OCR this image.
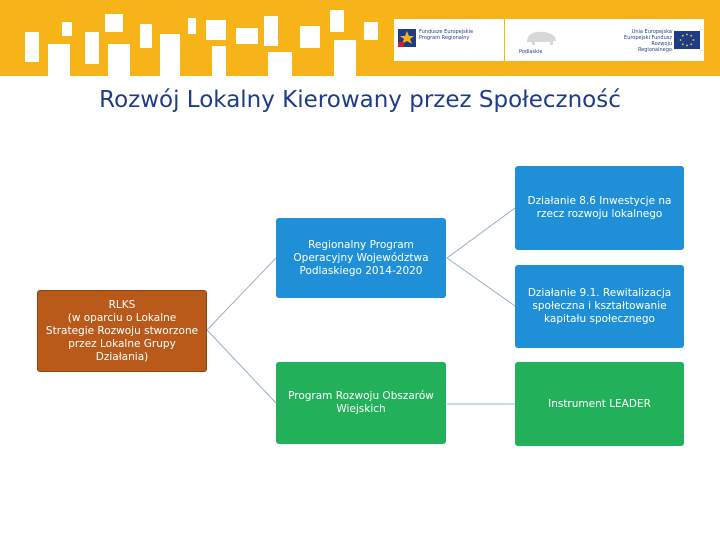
Fundusze Europejskie
Program Regionalny
Podlaskie
Unia Europejska
Europejski Fundusz
Rozwoju Regionalnego
Rozwój Lokalny Kierowany przez Społeczność
RLKS
(w oparciu o Lokalne Strategie Rozwoju stworzone przez Lokalne Grupy Działania)
Regionalny Program Operacyjny Województwa Podlaskiego 2014-2020
Program Rozwoju Obszarów Wiejskich
Działanie 8.6 Inwestycje na rzecz rozwoju lokalnego
Działanie 9.1. Rewitalizacja społeczna i kształtowanie kapitału społecznego
Instrument LEADER
